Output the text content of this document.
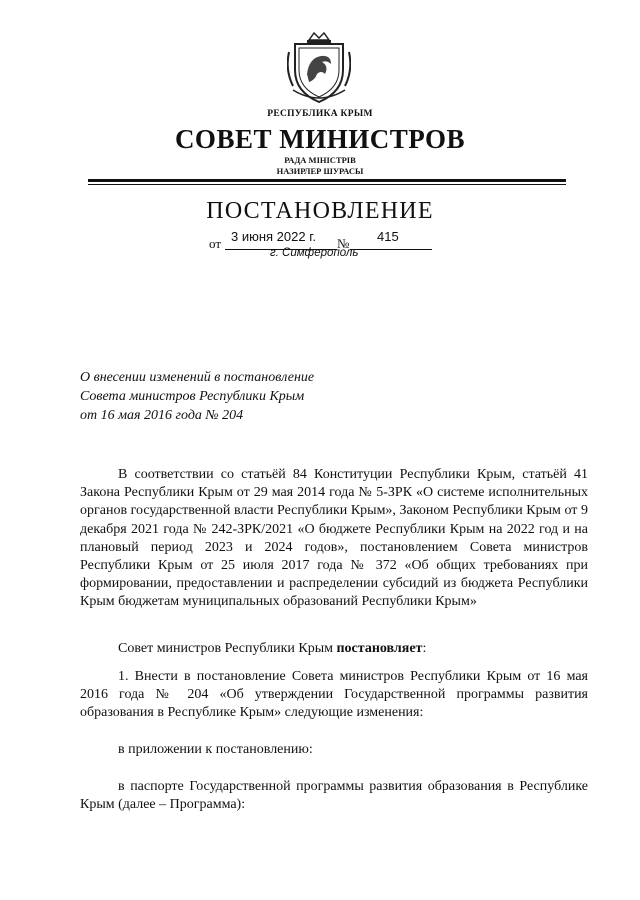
РЕСПУБЛИКА КРЫМ
СОВЕТ МИНИСТРОВ
РАДА МІНІСТРІВ
НАЗИРЛЕР ШУРАСЫ
ПОСТАНОВЛЕНИЕ
от 3 июня 2022 г. № 415
г. Симферополь
О внесении изменений в постановление
Совета министров Республики Крым
от 16 мая 2016 года № 204
В соответствии со статьёй 84 Конституции Республики Крым, статьёй 41 Закона Республики Крым от 29 мая 2014 года № 5-ЗРК «О системе исполнительных органов государственной власти Республики Крым», Законом Республики Крым от 9 декабря 2021 года № 242-ЗРК/2021 «О бюджете Республики Крым на 2022 год и на плановый период 2023 и 2024 годов», постановлением Совета министров Республики Крым от 25 июля 2017 года № 372 «Об общих требованиях при формировании, предоставлении и распределении субсидий из бюджета Республики Крым бюджетам муниципальных образований Республики Крым»
Совет министров Республики Крым постановляет:
1. Внести в постановление Совета министров Республики Крым от 16 мая 2016 года № 204 «Об утверждении Государственной программы развития образования в Республике Крым» следующие изменения:
в приложении к постановлению:
в паспорте Государственной программы развития образования в Республике Крым (далее – Программа):
